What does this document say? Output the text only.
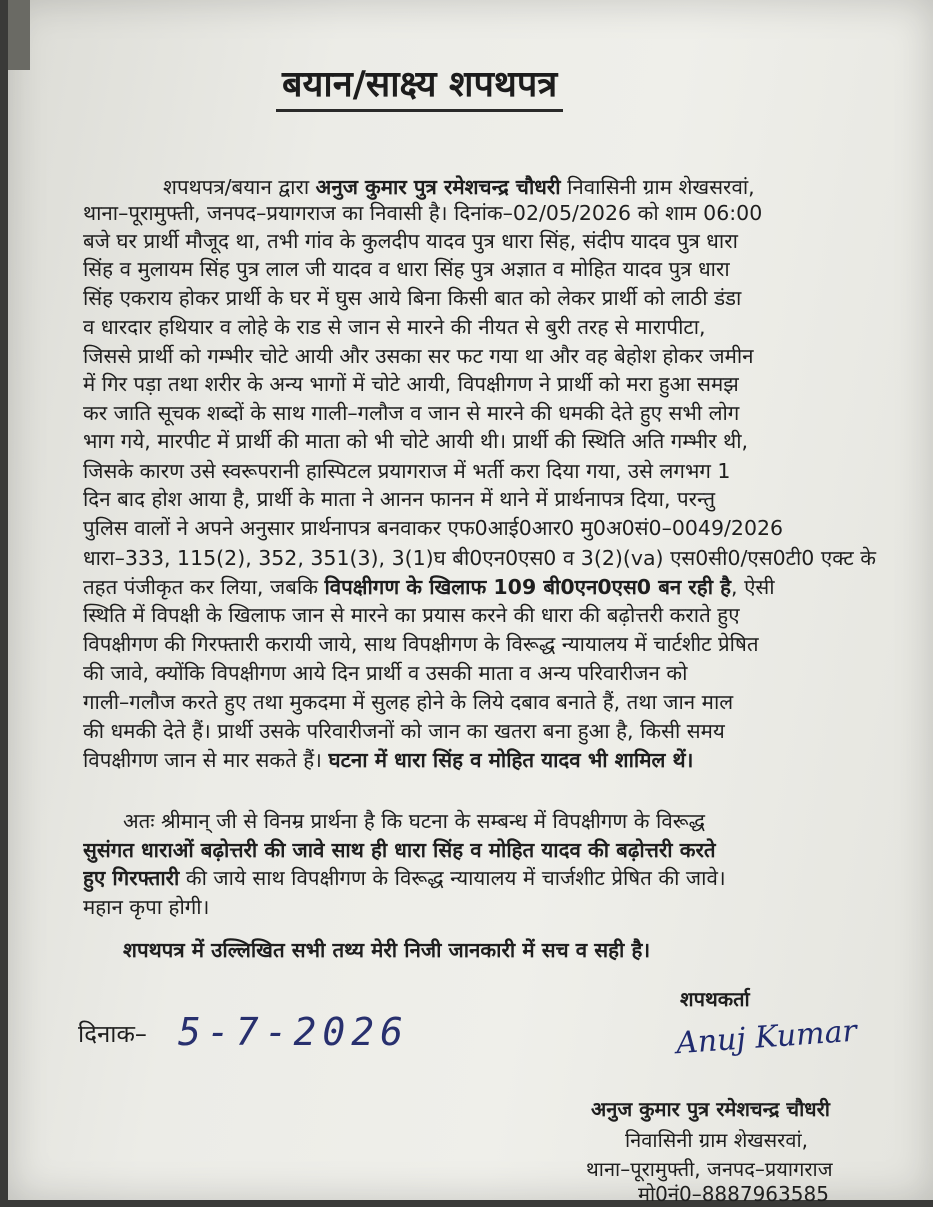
बयान/साक्ष्य शपथपत्र
शपथपत्र/बयान द्वारा अनुज कुमार पुत्र रमेशचन्द्र चौधरी निवासिनी ग्राम शेखसरवां,
थाना–पूरामुफ्ती, जनपद–प्रयागराज का निवासी है। दिनांक–02/05/2026 को शाम 06:00
बजे घर प्रार्थी मौजूद था, तभी गांव के कुलदीप यादव पुत्र धारा सिंह, संदीप यादव पुत्र धारा
सिंह व मुलायम सिंह पुत्र लाल जी यादव व धारा सिंह पुत्र अज्ञात व मोहित यादव पुत्र धारा
सिंह एकराय होकर प्रार्थी के घर में घुस आये बिना किसी बात को लेकर प्रार्थी को लाठी डंडा
व धारदार हथियार व लोहे के राड से जान से मारने की नीयत से बुरी तरह से मारापीटा,
जिससे प्रार्थी को गम्भीर चोटे आयी और उसका सर फट गया था और वह बेहोश होकर जमीन
में गिर पड़ा तथा शरीर के अन्य भागों में चोटे आयी, विपक्षीगण ने प्रार्थी को मरा हुआ समझ
कर जाति सूचक शब्दों के साथ गाली–गलौज व जान से मारने की धमकी देते हुए सभी लोग
भाग गये, मारपीट में प्रार्थी की माता को भी चोटे आयी थी। प्रार्थी की स्थिति अति गम्भीर थी,
जिसके कारण उसे स्वरूपरानी हास्पिटल प्रयागराज में भर्ती करा दिया गया, उसे लगभग 1
दिन बाद होश आया है, प्रार्थी के माता ने आनन फानन में थाने में प्रार्थनापत्र दिया, परन्तु
पुलिस वालों ने अपने अनुसार प्रार्थनापत्र बनवाकर एफ0आई0आर0 मु0अ0सं0–0049/2026
धारा–333, 115(2), 352, 351(3), 3(1)घ बी0एन0एस0 व 3(2)(va) एस0सी0/एस0टी0 एक्ट के
तहत पंजीकृत कर लिया, जबकि विपक्षीगण के खिलाफ 109 बी0एन0एस0 बन रही है, ऐसी
स्थिति में विपक्षी के खिलाफ जान से मारने का प्रयास करने की धारा की बढ़ोत्तरी कराते हुए
विपक्षीगण की गिरफ्तारी करायी जाये, साथ विपक्षीगण के विरूद्ध न्यायालय में चार्टशीट प्रेषित
की जावे, क्योंकि विपक्षीगण आये दिन प्रार्थी व उसकी माता व अन्य परिवारीजन को
गाली–गलौज करते हुए तथा मुकदमा में सुलह होने के लिये दबाव बनाते हैं, तथा जान माल
की धमकी देते हैं। प्रार्थी उसके परिवारीजनों को जान का खतरा बना हुआ है, किसी समय
विपक्षीगण जान से मार सकते हैं। घटना में धारा सिंह व मोहित यादव भी शामिल थें।
अतः श्रीमान् जी से विनम्र प्रार्थना है कि घटना के सम्बन्ध में विपक्षीगण के विरूद्ध
सुसंगत धाराओं बढ़ोत्तरी की जावे साथ ही धारा सिंह व मोहित यादव की बढ़ोत्तरी करते
हुए गिरफ्तारी की जाये साथ विपक्षीगण के विरूद्ध न्यायालय में चार्जशीट प्रेषित की जावे।
महान कृपा होगी।
शपथपत्र में उल्लिखित सभी तथ्य मेरी निजी जानकारी में सच व सही है।
शपथकर्ता
दिनाक– 5-7-2026	Anuj Kumar
अनुज कुमार पुत्र रमेशचन्द्र चौधरी
निवासिनी ग्राम शेखसरवां,
थाना–पूरामुफ्ती, जनपद–प्रयागराज
मो0नं0–8887963585
